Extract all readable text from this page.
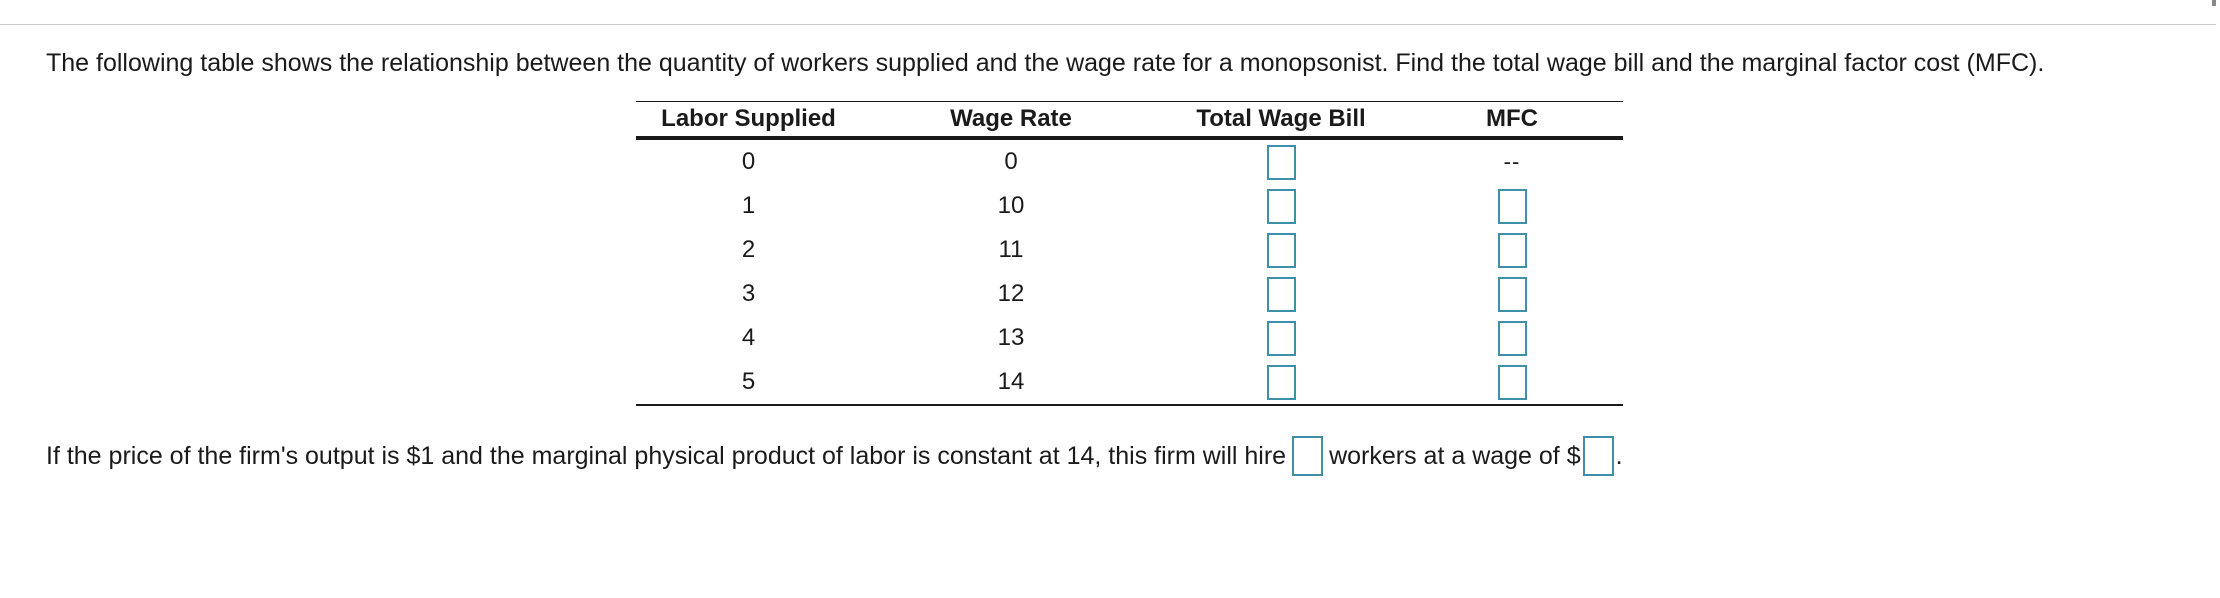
The following table shows the relationship between the quantity of workers supplied and the wage rate for a monopsonist. Find the total wage bill and the marginal factor cost (MFC).
Labor Supplied	Wage Rate	Total Wage Bill	MFC
0	0		--
1	10		
2	11		
3	12		
4	13		
5	14		
If the price of the firm's output is $1 and the marginal physical product of labor is constant at 14, this firm will hire workers at a wage of $ .
